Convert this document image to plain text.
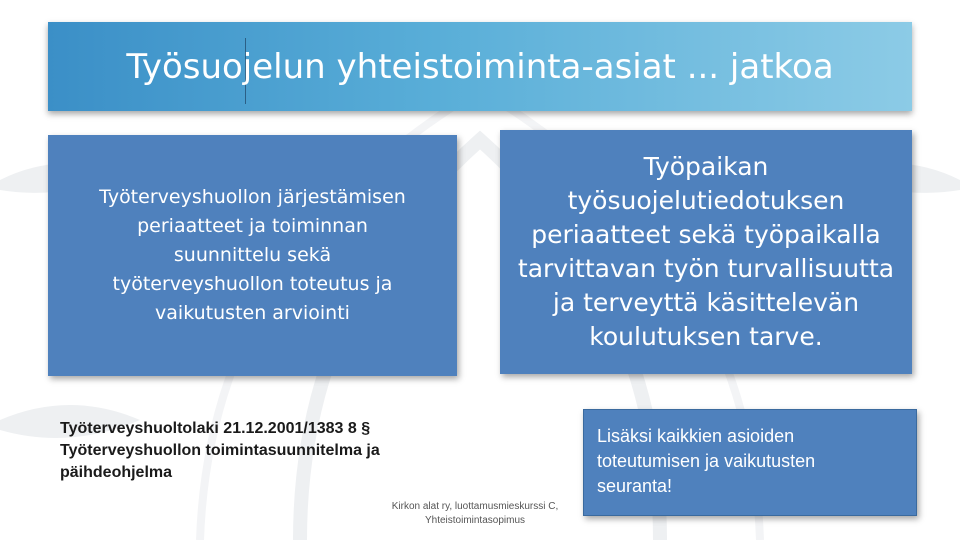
Työsuojelun yhteistoiminta-asiat ... jatkoa
Työterveyshuollon järjestämisen
periaatteet ja toiminnan
suunnittelu sekä
työterveyshuollon toteutus ja
vaikutusten arviointi
Työpaikan
työsuojelutiedotuksen
periaatteet sekä työpaikalla
tarvittavan työn turvallisuutta
ja terveyttä käsittelevän
koulutuksen tarve.
Työterveyshuoltolaki 21.12.2001/1383 8 §
Työterveyshuollon toimintasuunnitelma ja
päihdeohjelma
Kirkon alat ry, luottamusmieskurssi C,
Yhteistoimintasopimus
Lisäksi kaikkien asioiden
toteutumisen ja vaikutusten
seuranta!
